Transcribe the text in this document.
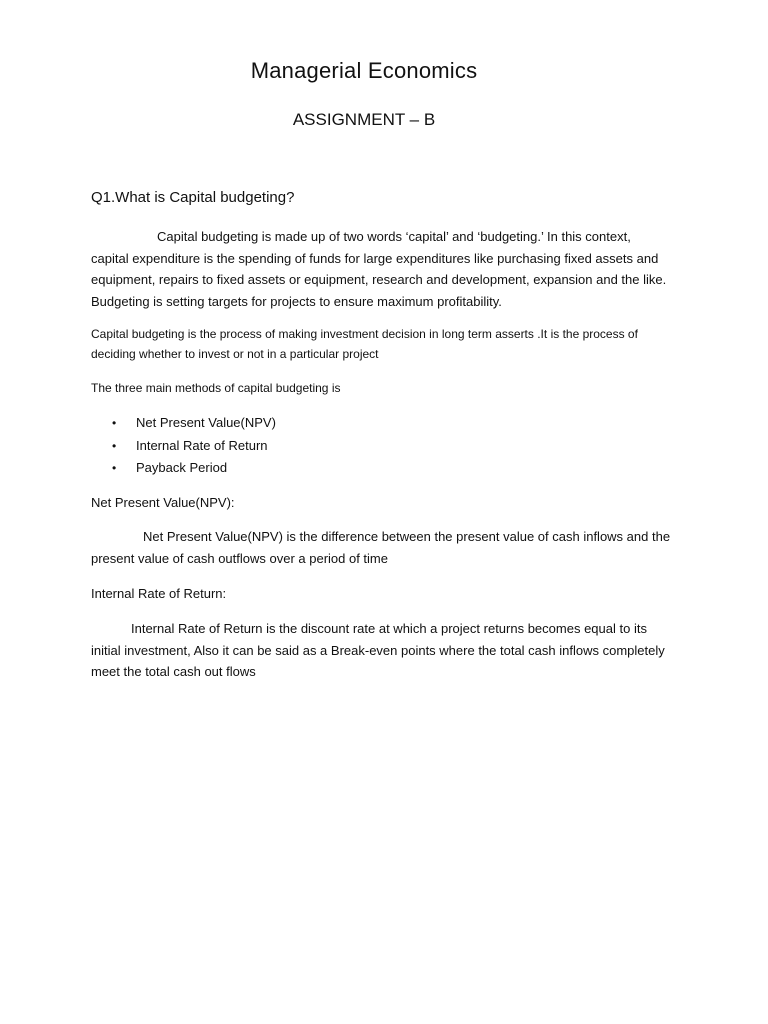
Managerial Economics
ASSIGNMENT – B
Q1.What is Capital budgeting?
Capital budgeting is made up of two words ‘capital’ and ‘budgeting.’ In this context, capital expenditure is the spending of funds for large expenditures like purchasing fixed assets and equipment, repairs to fixed assets or equipment, research and development, expansion and the like. Budgeting is setting targets for projects to ensure maximum profitability.
Capital budgeting is the process of making investment decision in long term asserts .It is the process of deciding whether to invest or not in a particular project
The three main methods of capital budgeting is
• Net Present Value(NPV)
• Internal Rate of Return
• Payback Period
Net Present Value(NPV):
Net Present Value(NPV) is the difference between the present value of cash inflows and the present value of cash outflows over a period of time
Internal Rate of Return:
Internal Rate of Return is the discount rate at which a project returns becomes equal to its initial investment, Also it can be said as a Break-even points where the total cash inflows completely meet the total cash out flows
